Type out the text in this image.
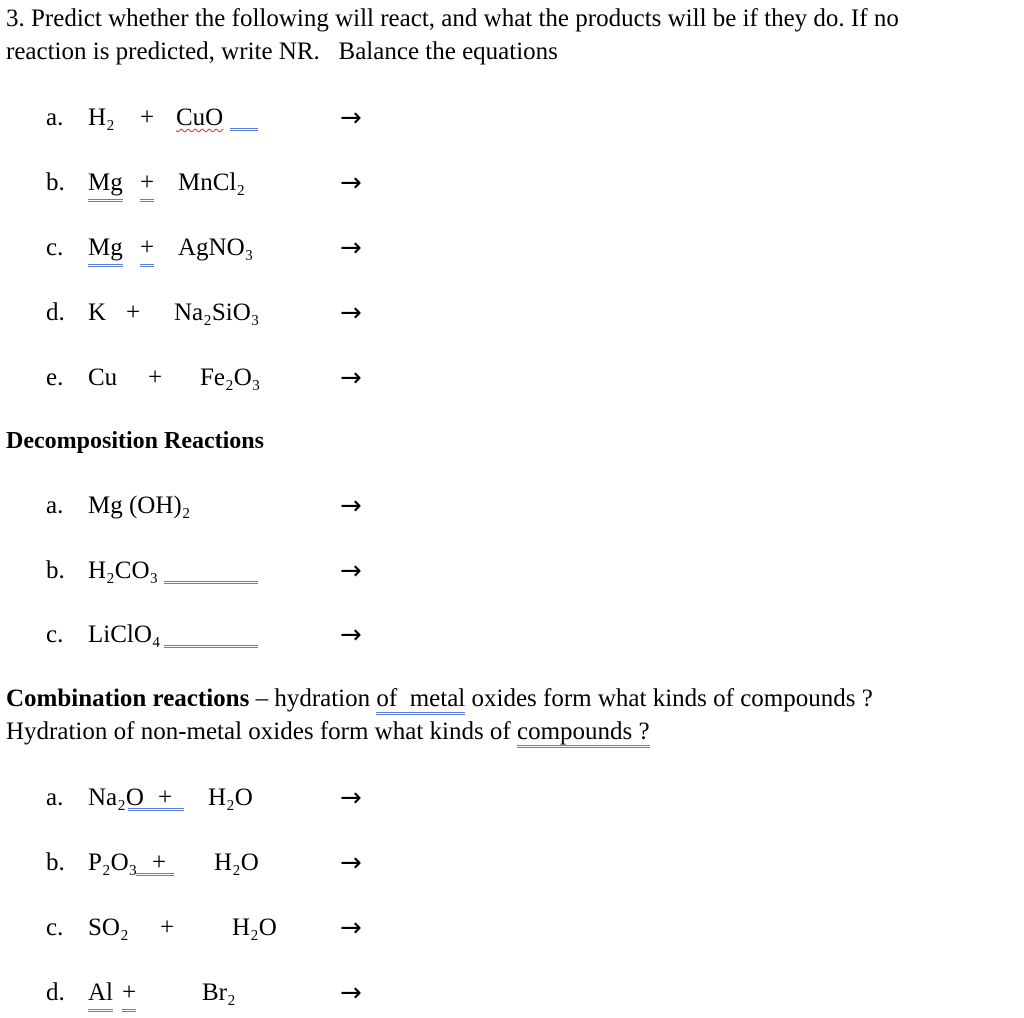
3. Predict whether the following will react, and what the products will be if they do. If no
reaction is predicted, write NR.   Balance the equations
a. H₂ + CuO
b. Mg + MnCl₂
c. Mg + AgNO₃
d. K + Na₂SiO₃
e. Cu + Fe₂O₃
→
→
→
→
→
Decomposition Reactions
a. Mg (OH)₂
b. H₂CO₃
c. LiClO₄
→
→
→
Combination reactions – hydration of  metal oxides form what kinds of compounds ?
Hydration of non-metal oxides form what kinds of compounds ?
a. Na₂O + H₂O
b. P₂O₃ + H₂O
c. SO₂ + H₂O
d. Al +	Br₂
→
→
→
→
